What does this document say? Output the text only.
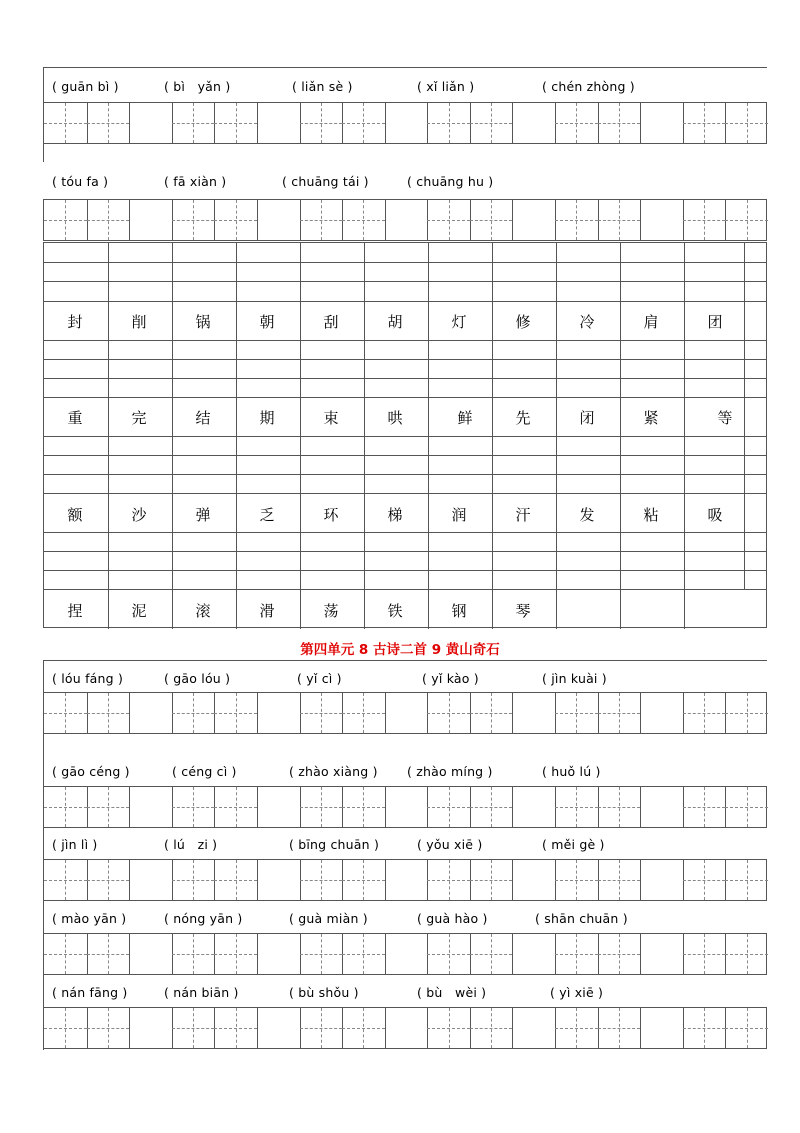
( guān bì )	( bì   yǎn )	( liǎn sè )	( xǐ liǎn )	( chén zhòng )
( tóu fa )	( fā xiàn )	( chuāng tái )	( chuāng hu )
封	削	锅	朝	刮	胡	灯	修	冷	肩	团
重	完	结	期	束	哄	鲜	先	闭	紧	等
额	沙	弹	乏	环	梯	润	汗	发	粘	吸
捏	泥	滚	滑	荡	铁	钢	琴
第四单元 8 古诗二首 9 黄山奇石
( lóu fáng )	( gāo lóu )	( yǐ cì )	( yǐ kào )	( jìn kuài )
( gāo céng )	( céng cì )	( zhào xiàng ) ( zhào míng )	( huǒ lú )
( jìn lì )	( lú   zi )	( bīng chuān )	( yǒu xiē )	( měi gè )
( mào yān )	( nóng yān )	( guà miàn )	( guà hào )	( shān chuān )
( nán fāng )	( nán biān )	( bù shǒu )	( bù   wèi )	( yì xiē )
